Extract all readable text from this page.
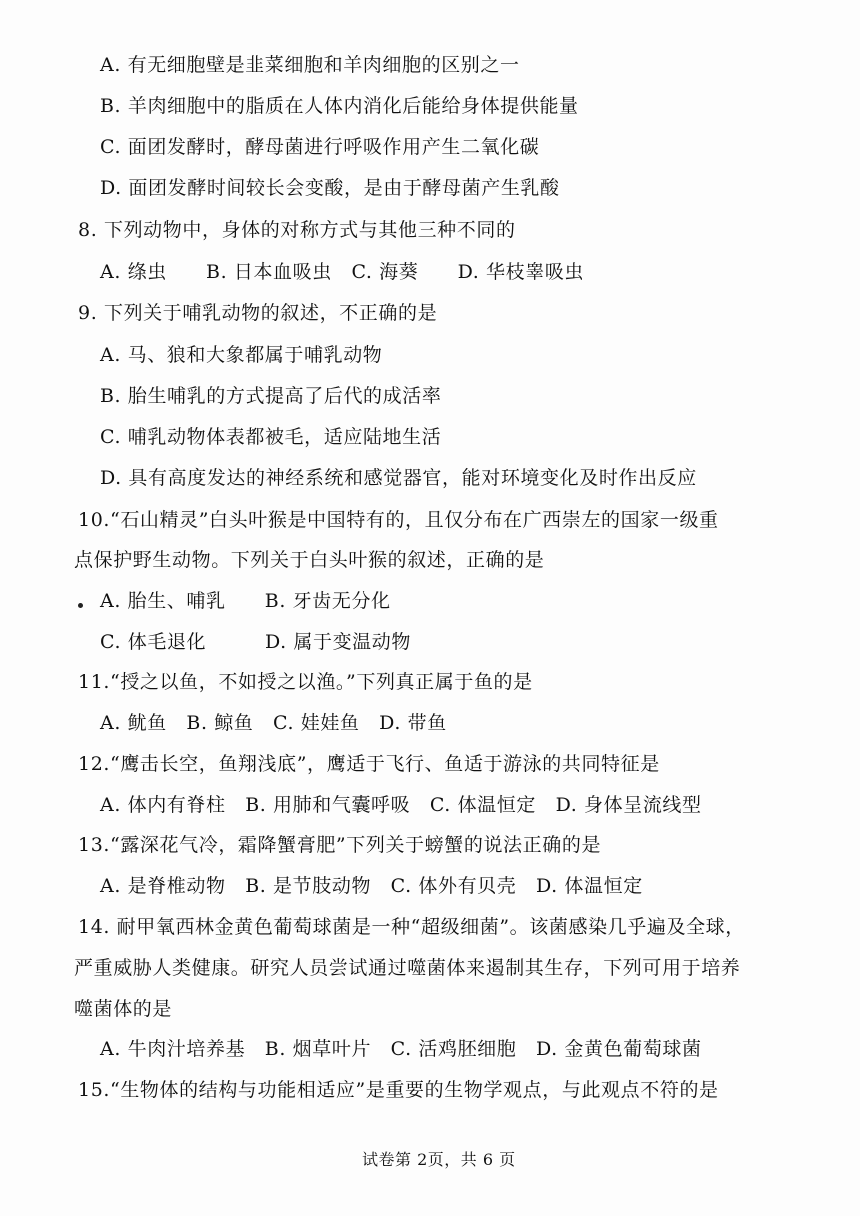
A. 有无细胞壁是韭菜细胞和羊肉细胞的区别之一
B. 羊肉细胞中的脂质在人体内消化后能给身体提供能量
C. 面团发酵时，酵母菌进行呼吸作用产生二氧化碳
D. 面团发酵时间较长会变酸，是由于酵母菌产生乳酸
8. 下列动物中，身体的对称方式与其他三种不同的
A. 绦虫　　B. 日本血吸虫　C. 海葵　　D. 华枝睾吸虫
9. 下列关于哺乳动物的叙述，不正确的是
A. 马、狼和大象都属于哺乳动物
B. 胎生哺乳的方式提高了后代的成活率
C. 哺乳动物体表都被毛，适应陆地生活
D. 具有高度发达的神经系统和感觉器官，能对环境变化及时作出反应
10.“石山精灵”白头叶猴是中国特有的，且仅分布在广西崇左的国家一级重
点保护野生动物。下列关于白头叶猴的叙述，正确的是
A. 胎生、哺乳　　B. 牙齿无分化
C. 体毛退化　　　D. 属于变温动物
11.“授之以鱼，不如授之以渔。”下列真正属于鱼的是
A. 鱿鱼　B. 鲸鱼　C. 娃娃鱼　D. 带鱼
12.“鹰击长空，鱼翔浅底”，鹰适于飞行、鱼适于游泳的共同特征是
A. 体内有脊柱　B. 用肺和气囊呼吸　C. 体温恒定　D. 身体呈流线型
13.“露深花气冷，霜降蟹膏肥”下列关于螃蟹的说法正确的是
A. 是脊椎动物　B. 是节肢动物　C. 体外有贝壳　D. 体温恒定
14. 耐甲氧西林金黄色葡萄球菌是一种“超级细菌”。该菌感染几乎遍及全球，
严重威胁人类健康。研究人员尝试通过噬菌体来遏制其生存，下列可用于培养
噬菌体的是
A. 牛肉汁培养基　B. 烟草叶片　C. 活鸡胚细胞　D. 金黄色葡萄球菌
15.“生物体的结构与功能相适应”是重要的生物学观点，与此观点不符的是
试卷第 2页，共 6 页
